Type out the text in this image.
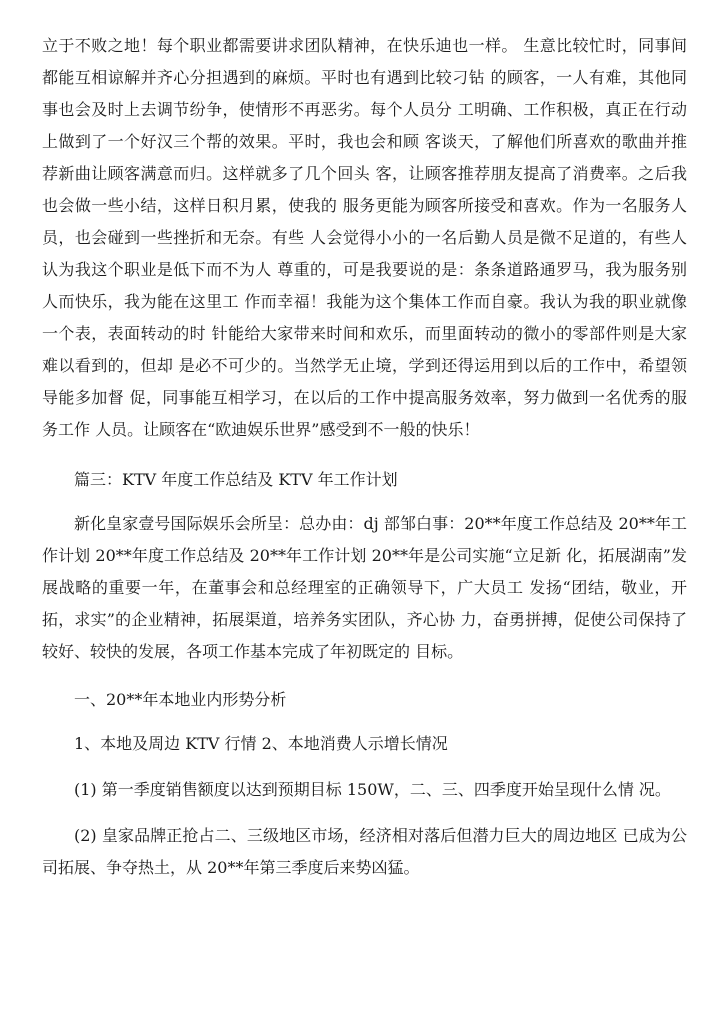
立于不败之地！每个职业都需要讲求团队精神，在快乐迪也一样。 生意比较忙时，同事间都能互相谅解并齐心分担遇到的麻烦。平时也有遇到比较刁钻 的顾客，一人有难，其他同事也会及时上去调节纷争，使情形不再恶劣。每个人员分 工明确、工作积极，真正在行动上做到了一个好汉三个帮的效果。平时，我也会和顾 客谈天，了解他们所喜欢的歌曲并推荐新曲让顾客满意而归。这样就多了几个回头 客，让顾客推荐朋友提高了消费率。之后我也会做一些小结，这样日积月累，使我的 服务更能为顾客所接受和喜欢。作为一名服务人员，也会碰到一些挫折和无奈。有些 人会觉得小小的一名后勤人员是微不足道的，有些人认为我这个职业是低下而不为人 尊重的，可是我要说的是：条条道路通罗马，我为服务别人而快乐，我为能在这里工 作而幸福！我能为这个集体工作而自豪。我认为我的职业就像一个表，表面转动的时 针能给大家带来时间和欢乐，而里面转动的微小的零部件则是大家难以看到的，但却 是必不可少的。当然学无止境，学到还得运用到以后的工作中，希望领导能多加督 促，同事能互相学习，在以后的工作中提高服务效率，努力做到一名优秀的服务工作 人员。让顾客在“欧迪娱乐世界”感受到不一般的快乐！

篇三：KTV 年度工作总结及 KTV 年工作计划

新化皇家壹号国际娱乐会所呈：总办由：dj 部邹白事：20**年度工作总结及 20**年工作计划 20**年度工作总结及 20**年工作计划 20**年是公司实施“立足新 化，拓展湖南”发展战略的重要一年，在董事会和总经理室的正确领导下，广大员工 发扬“团结，敬业，开拓，求实”的企业精神，拓展渠道，培养务实团队，齐心协 力，奋勇拼搏，促使公司保持了较好、较快的发展，各项工作基本完成了年初既定的 目标。

一、20**年本地业内形势分析

1、本地及周边 KTV 行情 2、本地消费人示增长情况

(1) 第一季度销售额度以达到预期目标 150W，二、三、四季度开始呈现什么情 况。

(2) 皇家品牌正抢占二、三级地区市场，经济相对落后但潜力巨大的周边地区 已成为公司拓展、争夺热土，从 20**年第三季度后来势凶猛。
